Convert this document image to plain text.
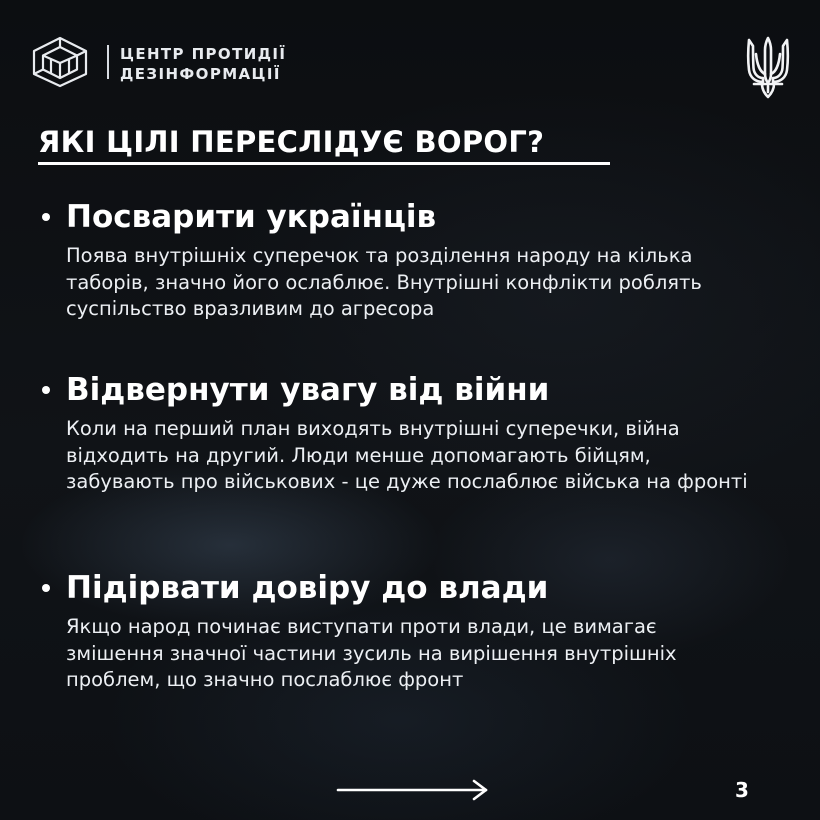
ЦЕНТР ПРОТИДІЇ
ДЕЗІНФОРМАЦІЇ
ЯКІ ЦІЛІ ПЕРЕСЛІДУЄ ВОРОГ?
Посварити українців

Поява внутрішніх суперечок та розділення народу на кілька таборів, значно його ослаблює. Внутрішні конфлікти роблять суспільство вразливим до агресора

Відвернути увагу від війни

Коли на перший план виходять внутрішні суперечки, війна відходить на другий. Люди менше допомагають бійцям, забувають про військових - це дуже послаблює війська на фронті

Підірвати довіру до влади

Якщо народ починає виступати проти влади, це вимагає змішення значної частини зусиль на вирішення внутрішніх проблем, що значно послаблює фронт

3
